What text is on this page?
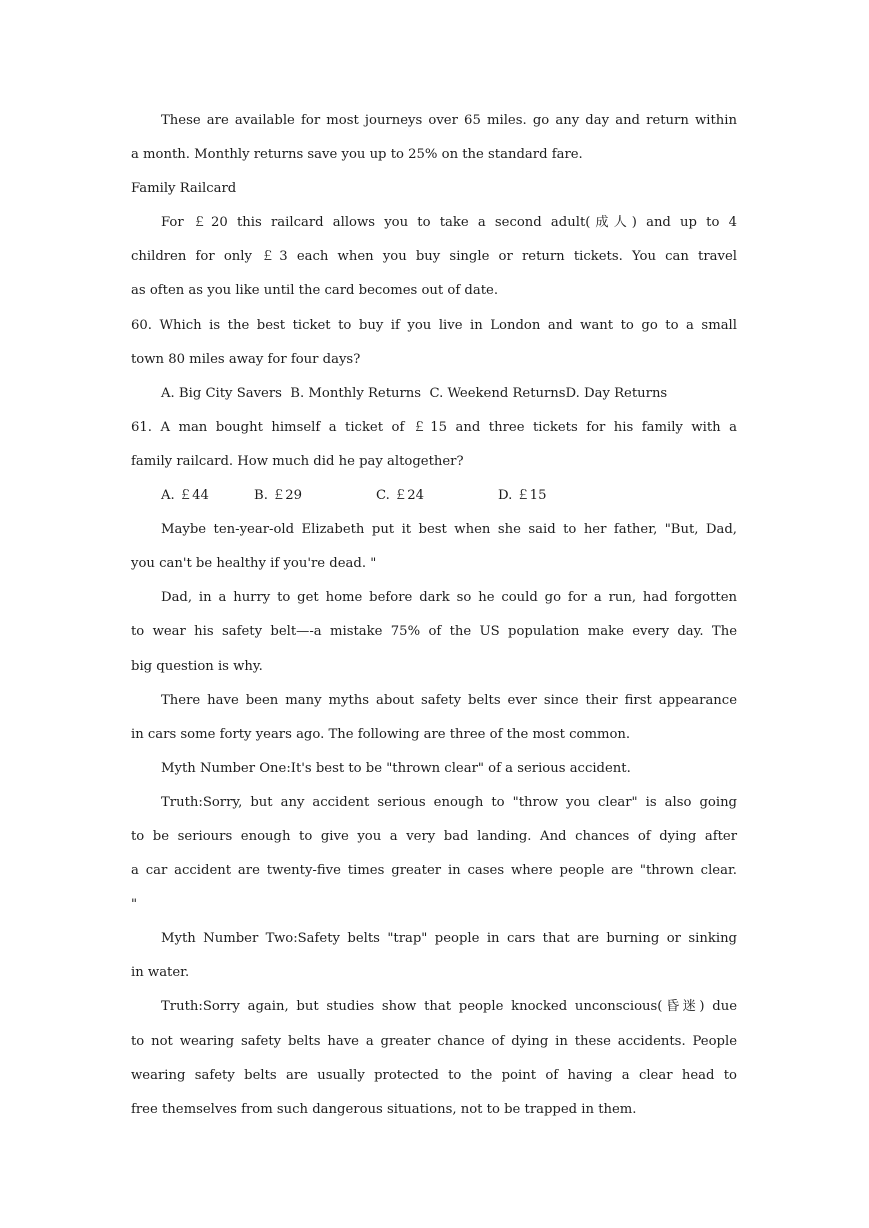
These are available for most journeys over 65 miles. go any day and return within
a month. Monthly returns save you up to 25% on the standard fare.
Family Railcard
For ￡20 this railcard allows you to take a second adult(成人) and up to 4
children for only ￡3 each when you buy single or return tickets. You can travel
as often as you like until the card becomes out of date.
60. Which is the best ticket to buy if you live in London and want to go to a small
town 80 miles away for four days?
A. Big City Savers  B. Monthly Returns  C. Weekend ReturnsD. Day Returns
61. A man bought himself a ticket of ￡15 and three tickets for his family with a
family railcard. How much did he pay altogether?
A. ￡44	B. ￡29	C. ￡24	D. ￡15
Maybe ten-year-old Elizabeth put it best when she said to her father, "But, Dad,
you can't be healthy if you're dead. "
Dad, in a hurry to get home before dark so he could go for a run, had forgotten
to wear his safety belt—-a mistake 75% of the US population make every day. The
big question is why.
There have been many myths about safety belts ever since their first appearance
in cars some forty years ago. The following are three of the most common.
Myth Number One:It's best to be "thrown clear" of a serious accident.
Truth:Sorry, but any accident serious enough to "throw you clear" is also going
to be seriours enough to give you a very bad landing. And chances of dying after
a car accident are twenty-five times greater in cases where people are "thrown clear.
"
Myth Number Two:Safety belts "trap" people in cars that are burning or sinking
in water.
Truth:Sorry again, but studies show that people knocked unconscious(昏迷) due
to not wearing safety belts have a greater chance of dying in these accidents. People
wearing safety belts are usually protected to the point of having a clear head to
free themselves from such dangerous situations, not to be trapped in them.
